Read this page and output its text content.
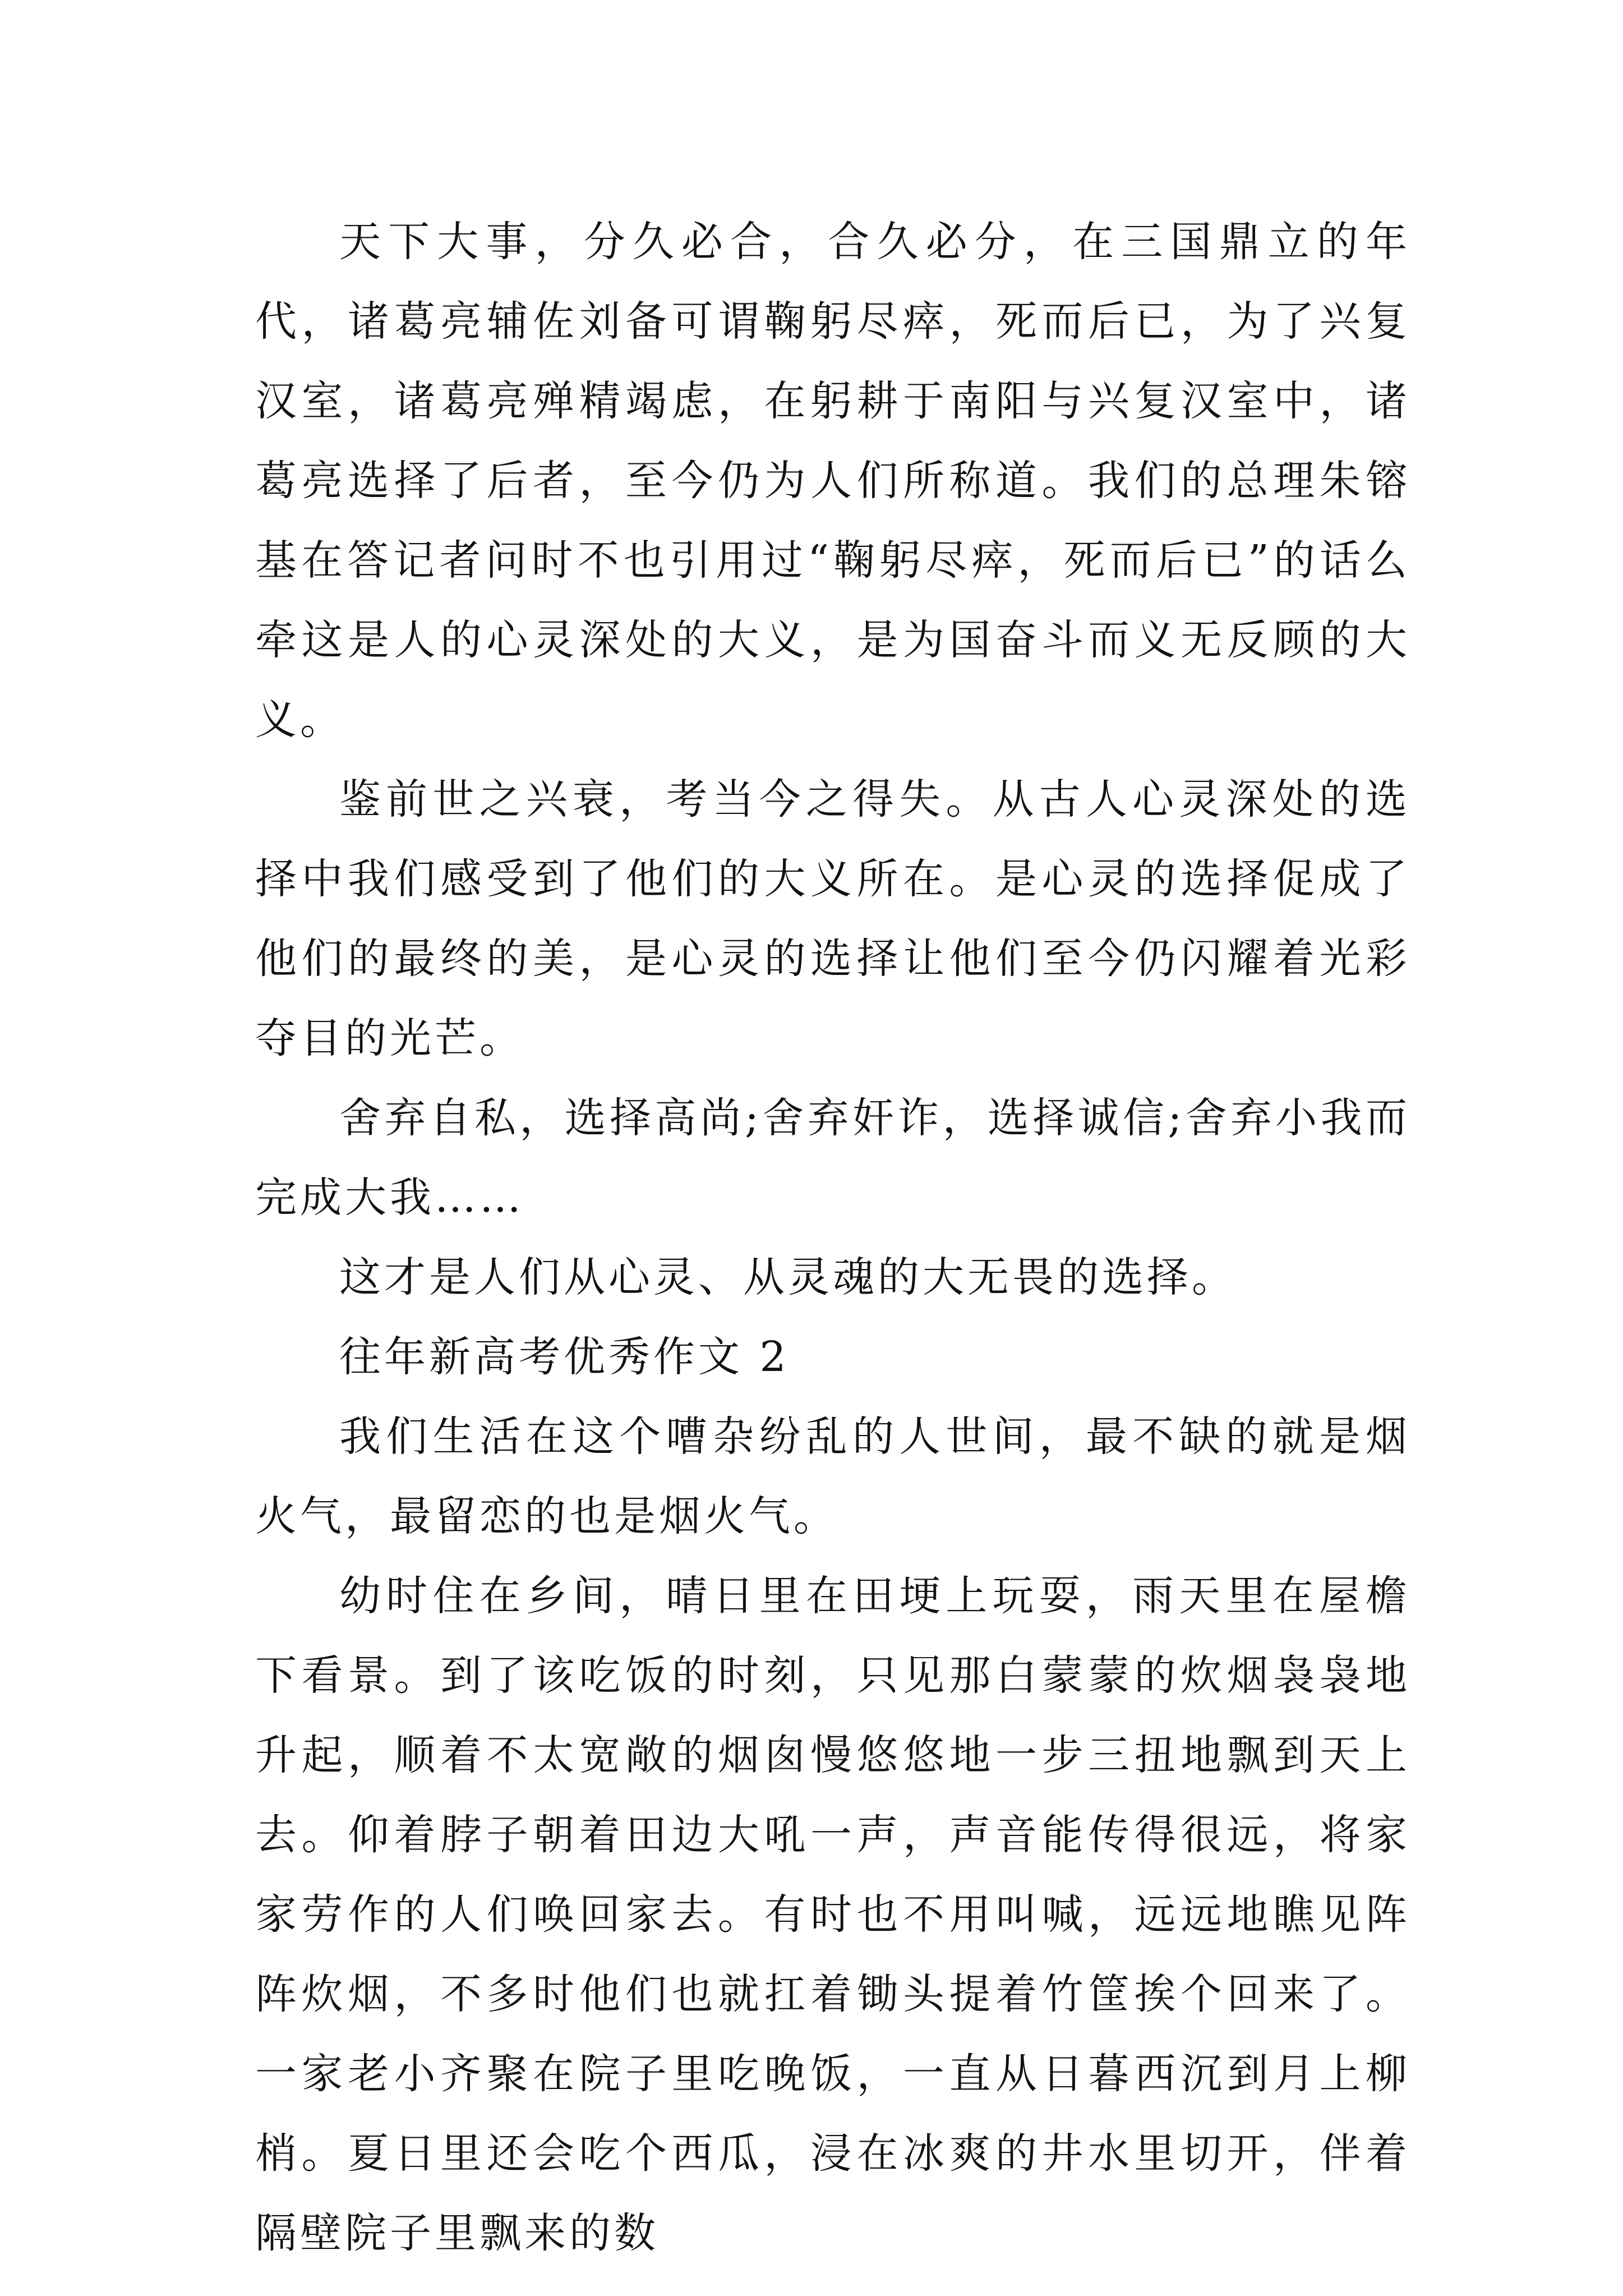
天下大事，分久必合，合久必分，在三国鼎立的年代，诸葛亮辅佐刘备可谓鞠躬尽瘁，死而后已，为了兴复汉室，诸葛亮殚精竭虑，在躬耕于南阳与兴复汉室中，诸葛亮选择了后者，至今仍为人们所称道。我们的总理朱镕基在答记者问时不也引用过“鞠躬尽瘁，死而后已”的话么牵这是人的心灵深处的大义，是为国奋斗而义无反顾的大义。

鉴前世之兴衰，考当今之得失。从古人心灵深处的选择中我们感受到了他们的大义所在。是心灵的选择促成了他们的最终的美，是心灵的选择让他们至今仍闪耀着光彩夺目的光芒。

舍弃自私，选择高尚;舍弃奸诈，选择诚信;舍弃小我而完成大我……

这才是人们从心灵、从灵魂的大无畏的选择。

往年新高考优秀作文 2

我们生活在这个嘈杂纷乱的人世间，最不缺的就是烟火气，最留恋的也是烟火气。

幼时住在乡间，晴日里在田埂上玩耍，雨天里在屋檐下看景。到了该吃饭的时刻，只见那白蒙蒙的炊烟袅袅地升起，顺着不太宽敞的烟囱慢悠悠地一步三扭地飘到天上去。仰着脖子朝着田边大吼一声，声音能传得很远，将家家劳作的人们唤回家去。有时也不用叫喊，远远地瞧见阵阵炊烟，不多时他们也就扛着锄头提着竹筐挨个回来了。一家老小齐聚在院子里吃晚饭，一直从日暮西沉到月上柳梢。夏日里还会吃个西瓜，浸在冰爽的井水里切开，伴着隔壁院子里飘来的数
